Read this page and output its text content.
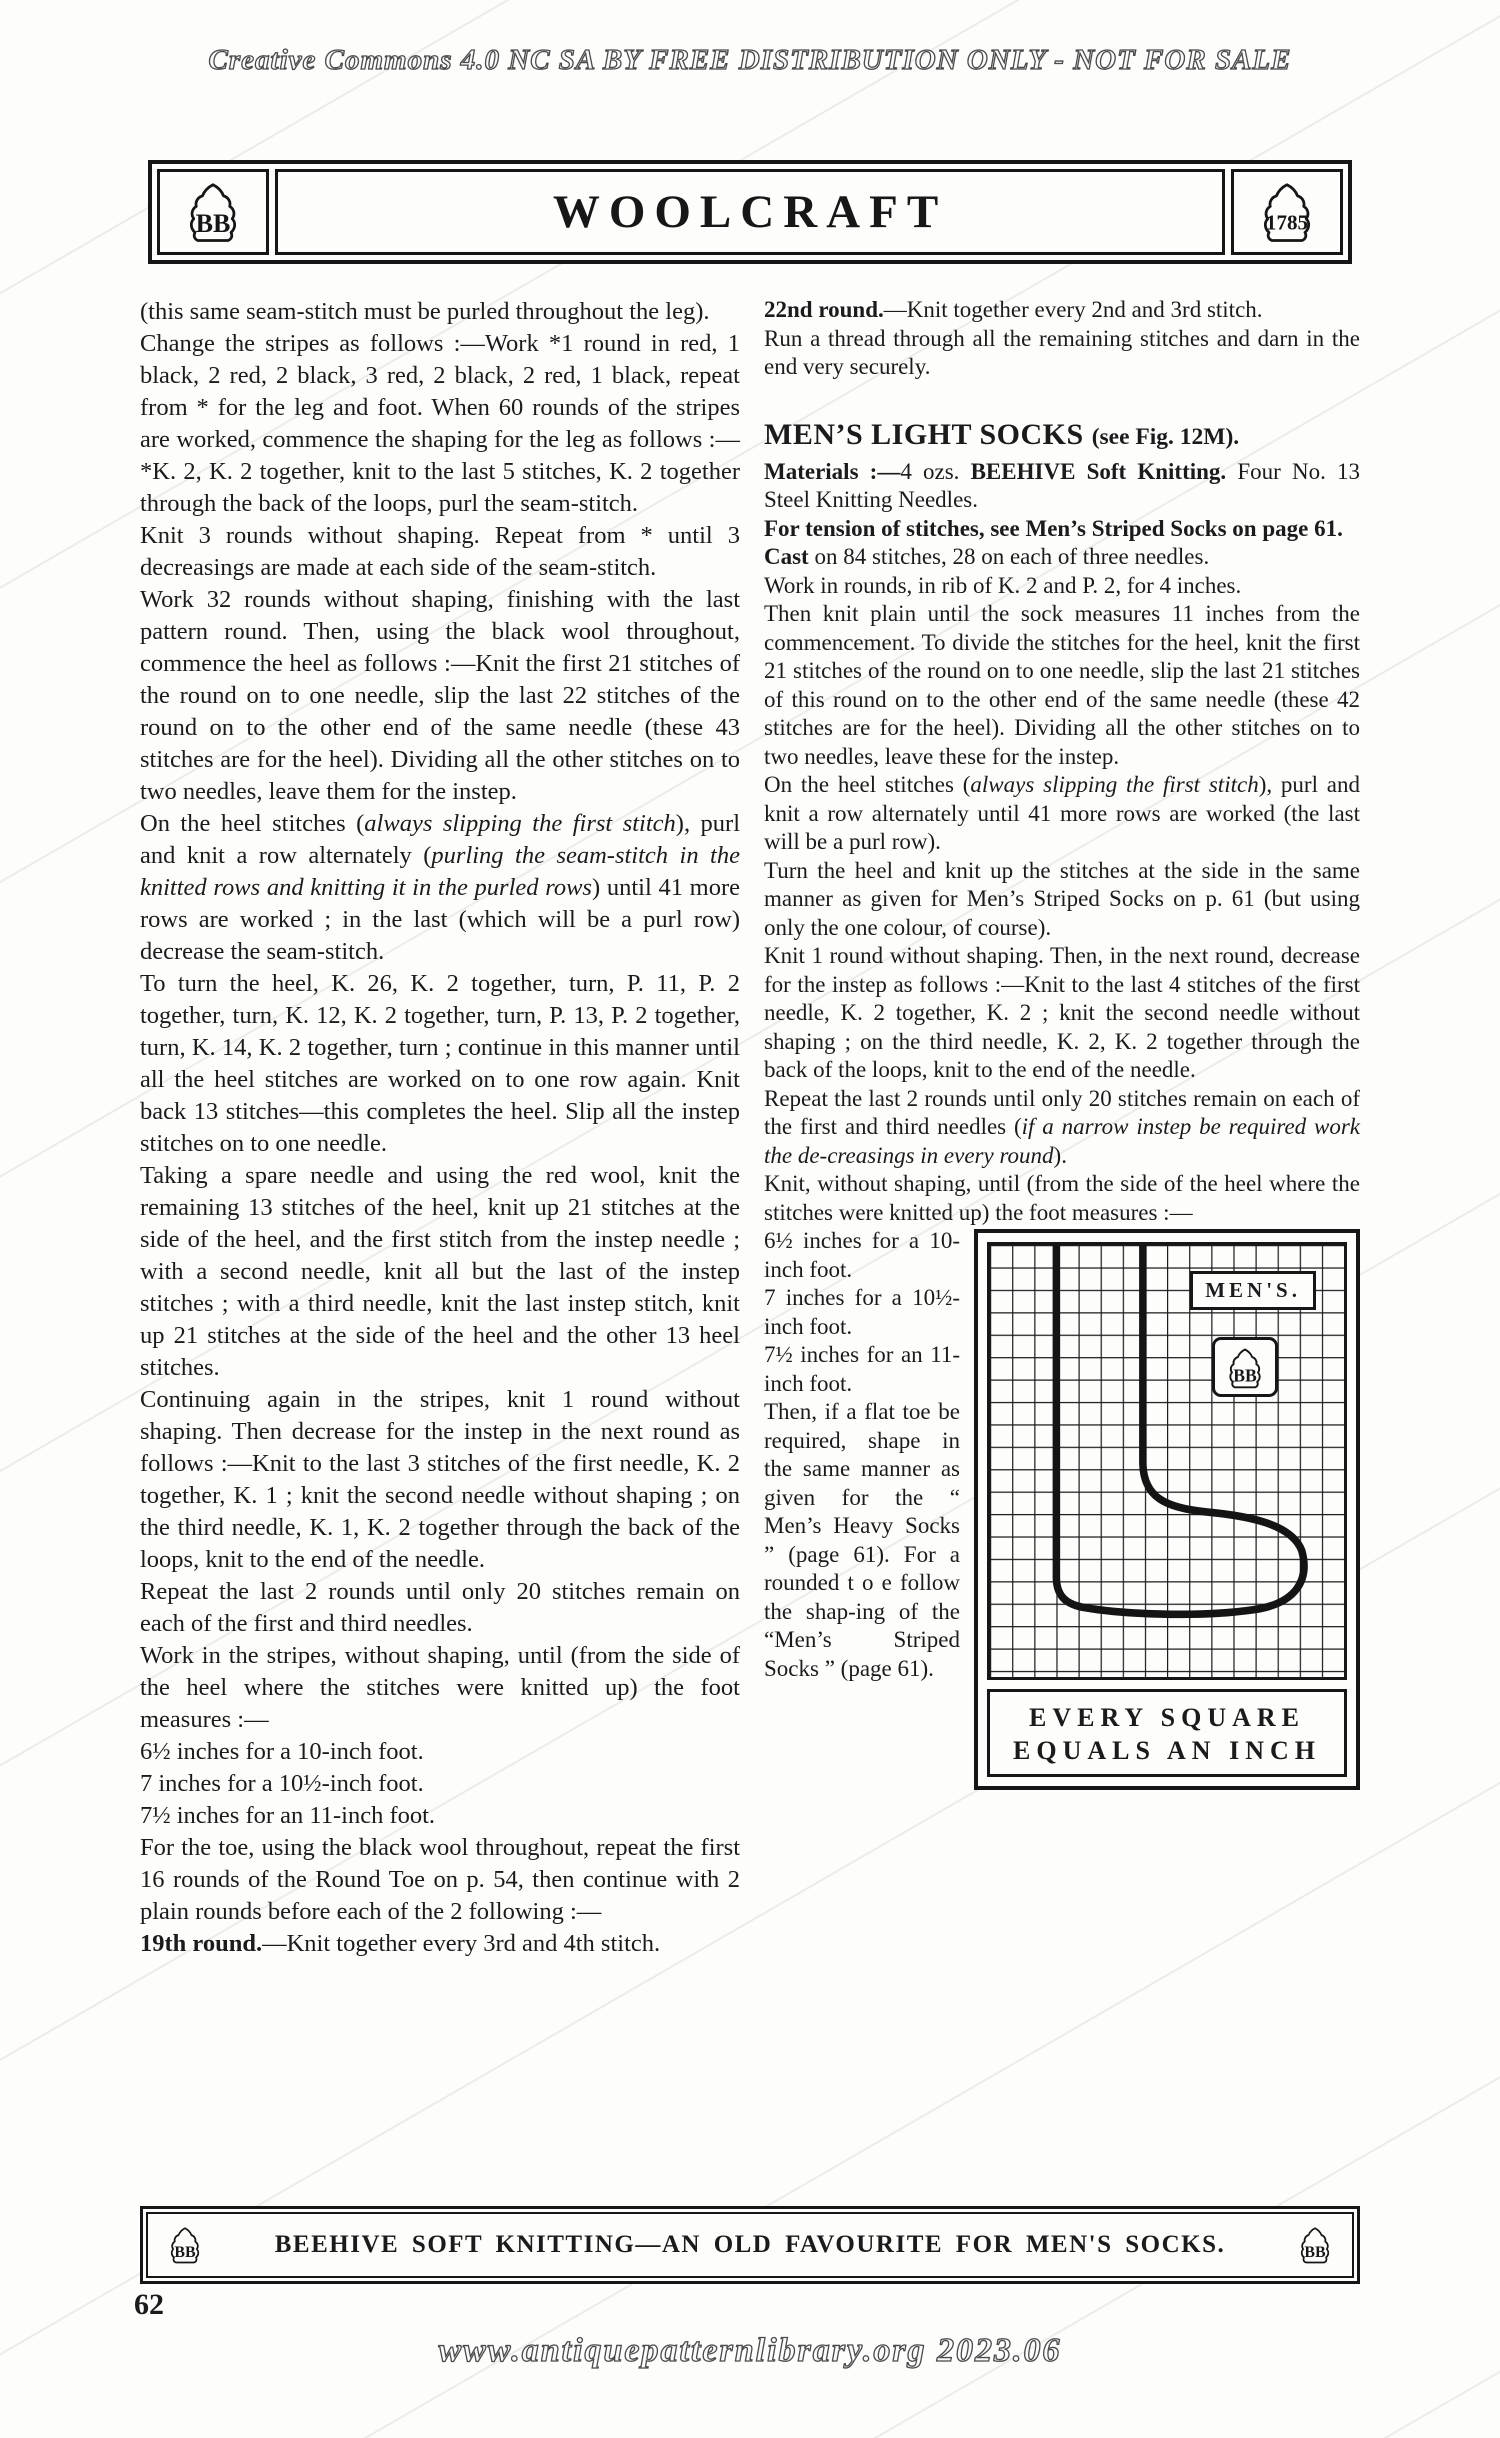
Creative Commons 4.0 NC SA BY FREE DISTRIBUTION ONLY - NOT FOR SALE
WOOLCRAFT

(this same seam-stitch must be purled throughout the leg).

Change the stripes as follows :—Work *1 round in red, 1 black, 2 red, 2 black, 3 red, 2 black, 2 red, 1 black, repeat from * for the leg and foot. When 60 rounds of the stripes are worked, commence the shaping for the leg as follows :—*K. 2, K. 2 together, knit to the last 5 stitches, K. 2 together through the back of the loops, purl the seam-stitch.

Knit 3 rounds without shaping. Repeat from * until 3 decreasings are made at each side of the seam-stitch.

Work 32 rounds without shaping, finishing with the last pattern round. Then, using the black wool throughout, commence the heel as follows :—Knit the first 21 stitches of the round on to one needle, slip the last 22 stitches of the round on to the other end of the same needle (these 43 stitches are for the heel). Dividing all the other stitches on to two needles, leave them for the instep.

On the heel stitches (always slipping the first stitch), purl and knit a row alternately (purling the seam-stitch in the knitted rows and knitting it in the purled rows) until 41 more rows are worked ; in the last (which will be a purl row) decrease the seam-stitch.

To turn the heel, K. 26, K. 2 together, turn, P. 11, P. 2 together, turn, K. 12, K. 2 together, turn, P. 13, P. 2 together, turn, K. 14, K. 2 together, turn ; continue in this manner until all the heel stitches are worked on to one row again. Knit back 13 stitches—this completes the heel. Slip all the instep stitches on to one needle.

Taking a spare needle and using the red wool, knit the remaining 13 stitches of the heel, knit up 21 stitches at the side of the heel, and the first stitch from the instep needle ; with a second needle, knit all but the last of the instep stitches ; with a third needle, knit the last instep stitch, knit up 21 stitches at the side of the heel and the other 13 heel stitches.

Continuing again in the stripes, knit 1 round without shaping. Then decrease for the instep in the next round as follows :—Knit to the last 3 stitches of the first needle, K. 2 together, K. 1 ; knit the second needle without shaping ; on the third needle, K. 1, K. 2 together through the back of the loops, knit to the end of the needle.

Repeat the last 2 rounds until only 20 stitches remain on each of the first and third needles.

Work in the stripes, without shaping, until (from the side of the heel where the stitches were knitted up) the foot measures :—

6½ inches for a 10-inch foot.

7 inches for a 10½-inch foot.

7½ inches for an 11-inch foot.

For the toe, using the black wool throughout, repeat the first 16 rounds of the Round Toe on p. 54, then continue with 2 plain rounds before each of the 2 following :—

19th round.—Knit together every 3rd and 4th stitch.

22nd round.—Knit together every 2nd and 3rd stitch.

Run a thread through all the remaining stitches and darn in the end very securely.

MEN’S LIGHT SOCKS (see Fig. 12M).

Materials :—4 ozs. BEEHIVE Soft Knitting. Four No. 13 Steel Knitting Needles.

For tension of stitches, see Men’s Striped Socks on page 61.

Cast on 84 stitches, 28 on each of three needles.

Work in rounds, in rib of K. 2 and P. 2, for 4 inches.

Then knit plain until the sock measures 11 inches from the commencement. To divide the stitches for the heel, knit the first 21 stitches of the round on to one needle, slip the last 21 stitches of this round on to the other end of the same needle (these 42 stitches are for the heel). Dividing all the other stitches on to two needles, leave these for the instep.

On the heel stitches (always slipping the first stitch), purl and knit a row alternately until 41 more rows are worked (the last will be a purl row).

Turn the heel and knit up the stitches at the side in the same manner as given for Men’s Striped Socks on p. 61 (but using only the one colour, of course).

Knit 1 round without shaping. Then, in the next round, decrease for the instep as follows :—Knit to the last 4 stitches of the first needle, K. 2 together, K. 2 ; knit the second needle without shaping ; on the third needle, K. 2, K. 2 together through the back of the loops, knit to the end of the needle.

Repeat the last 2 rounds until only 20 stitches remain on each of the first and third needles (if a narrow instep be required work the de-creasings in every round).

Knit, without shaping, until (from the side of the heel where the stitches were knitted up) the foot measures :—

MEN'S.
EVERY SQUARE
EQUALS AN INCH

6½ inches for a 10-inch foot.

7 inches for a 10½-inch foot.

7½ inches for an 11-inch foot.

Then, if a flat toe be required, shape in the same manner as given for the “ Men’s Heavy Socks ” (page 61). For a rounded t o e follow the shap-ing of the “Men’s Striped Socks ” (page 61).

BEEHIVE SOFT KNITTING—AN OLD FAVOURITE FOR MEN'S SOCKS.
62
www.antiquepatternlibrary.org 2023.06
